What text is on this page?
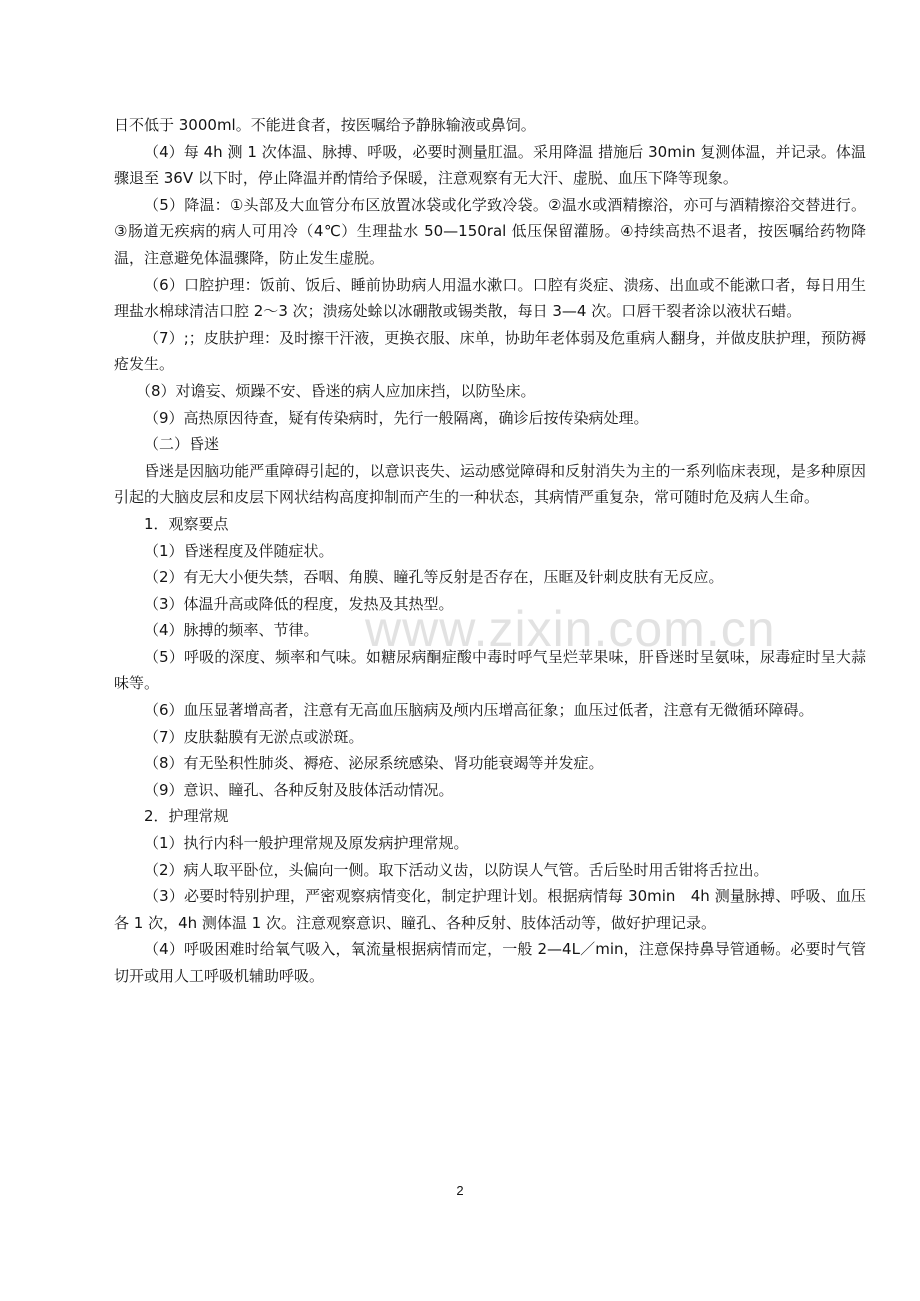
www.zixin.com.cn

日不低于 3000ml。不能进食者，按医嘱给予静脉输液或鼻饲。

（4）每 4h 测 1 次体温、脉搏、呼吸，必要时测量肛温。采用降温 措施后 30min 复测体温，并记录。体温骤退至 36V 以下时，停止降温并酌情给予保暖，注意观察有无大汗、虚脱、血压下降等现象。

（5）降温：①头部及大血管分布区放置冰袋或化学致冷袋。②温水或酒精擦浴，亦可与酒精擦浴交替进行。③肠道无疾病的病人可用冷（4℃）生理盐水 50—150ral 低压保留灌肠。④持续高热不退者，按医嘱给药物降温，注意避免体温骤降，防止发生虚脱。

（6）口腔护理：饭前、饭后、睡前协助病人用温水漱口。口腔有炎症、溃疡、出血或不能漱口者，每日用生理盐水棉球清洁口腔 2～3 次；溃疡处蜍以冰硼散或锡类散，每日 3—4 次。口唇干裂者涂以液状石蜡。

（7）;；皮肤护理：及时擦干汗液，更换衣服、床单，协助年老体弱及危重病人翻身，并做皮肤护理，预防褥疮发生。

（8）对谵妄、烦躁不安、昏迷的病人应加床挡，以防坠床。

（9）高热原因待查，疑有传染病时，先行一般隔离，确诊后按传染病处理。

（二）昏迷

昏迷是因脑功能严重障碍引起的，以意识丧失、运动感觉障碍和反射消失为主的一系列临床表现，是多种原因引起的大脑皮层和皮层下网状结构高度抑制而产生的一种状态，其病情严重复杂，常可随时危及病人生命。

1．观察要点

（1）昏迷程度及伴随症状。

（2）有无大小便失禁，吞咽、角膜、瞳孔等反射是否存在，压眶及针刺皮肤有无反应。

（3）体温升高或降低的程度，发热及其热型。

（4）脉搏的频率、节律。

（5）呼吸的深度、频率和气味。如糖尿病酮症酸中毒时呼气呈烂苹果味，肝昏迷时呈氨味，尿毒症时呈大蒜味等。

（6）血压显著增高者，注意有无高血压脑病及颅内压增高征象；血压过低者，注意有无微循环障碍。

（7）皮肤黏膜有无淤点或淤斑。

（8）有无坠积性肺炎、褥疮、泌尿系统感染、肾功能衰竭等并发症。

（9）意识、瞳孔、各种反射及肢体活动情况。

2．护理常规

（1）执行内科一般护理常规及原发病护理常规。

（2）病人取平卧位，头偏向一侧。取下活动义齿，以防误人气管。舌后坠时用舌钳将舌拉出。

（3）必要时特别护理，严密观察病情变化，制定护理计划。根据病情每 30min　4h 测量脉搏、呼吸、血压各 1 次，4h 测体温 1 次。注意观察意识、瞳孔、各种反射、肢体活动等，做好护理记录。

（4）呼吸困难时给氧气吸入，氧流量根据病情而定，一般 2—4L／min，注意保持鼻导管通畅。必要时气管切开或用人工呼吸机辅助呼吸。

2
